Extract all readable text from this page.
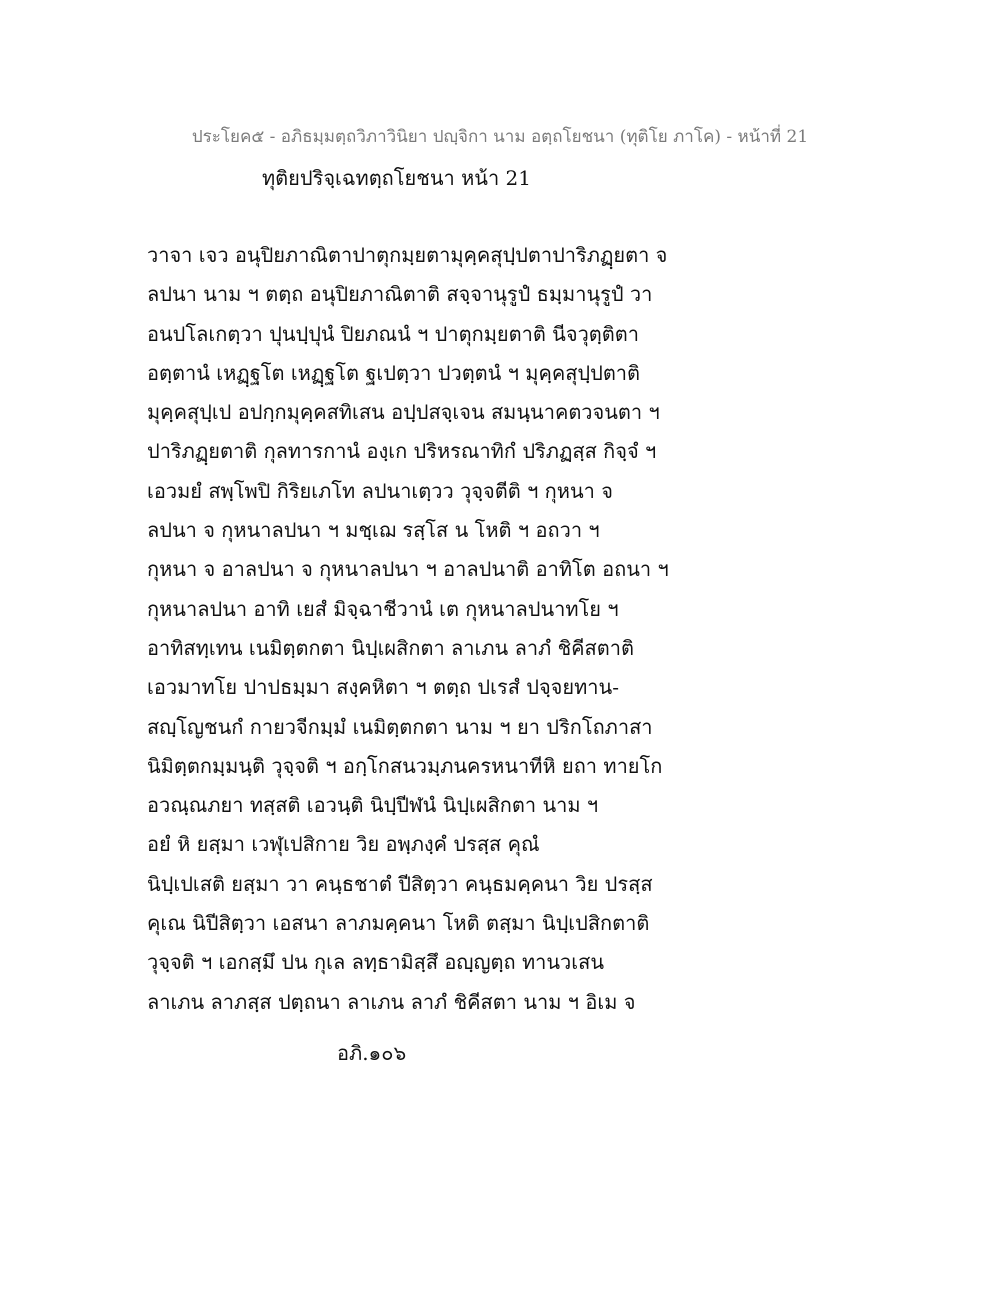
ประโยค๕ - อภิธมฺมตฺถวิภาวินิยา ปญฺจิกา นาม อตฺถโยชนา (ทุติโย ภาโค) - หน้าที่ 21
ทุติยปริจฺเฉทตฺถโยชนา หน้า 21
วาจา เจว อนุปิยภาณิตาปาตุกมฺยตามุคฺคสุปฺปตาปาริภฏฺยตา จ
ลปนา นาม ฯ ตตฺถ อนุปิยภาณิตาติ สจฺจานุรูปํ ธมฺมานุรูปํ วา
อนปโลเกตฺวา ปุนปฺปุนํ ปิยภณนํ ฯ ปาตุกมฺยตาติ นีจวุตฺติตา
อตฺตานํ เหฏฺฐโต เหฏฺฐโต ฐเปตฺวา ปวตฺตนํ ฯ มุคฺคสุปฺปตาติ
มุคฺคสุปฺเป อปกฺกมุคฺคสทิเสน อปฺปสจฺเจน สมนฺนาคตวจนตา ฯ
ปาริภฏฺยตาติ กุลทารกานํ องฺเก ปริหรณาทิกํ ปริภฏสฺส กิจฺจํ ฯ
เอวมยํ สพฺโพปิ กิริยเภโท ลปนาเตฺวว วุจฺจตีติ ฯ กุหนา จ
ลปนา จ กุหนาลปนา ฯ มชฺเฌ รสฺโส น โหติ ฯ อถวา ฯ
กุหนา จ อาลปนา จ กุหนาลปนา ฯ อาลปนาติ อาทิโต อถนา ฯ
กุหนาลปนา อาทิ เยสํ มิจฺฉาชีวานํ เต กุหนาลปนาทโย ฯ
อาทิสทฺเทน เนมิตฺตกตา นิปฺเผสิกตา ลาเภน ลาภํ ชิคีสตาติ
เอวมาทโย ปาปธมฺมา สงฺคหิตา ฯ ตตฺถ ปเรสํ ปจฺจยทาน-
สญฺโญชนกํ กายวจีกมฺมํ เนมิตฺตกตา นาม ฯ ยา ปริกโถภาสา
นิมิตฺตกมฺมนฺติ วุจฺจติ ฯ อกฺโกสนวมฺภนครหนาทีหิ ยถา ทายโก
อวณฺณภยา ทสฺสติ เอวนฺติ นิปฺปีฬนํ นิปฺเผสิกตา นาม ฯ
อยํ หิ ยสฺมา เวฬุเปสิกาย วิย อพฺภงฺคํ ปรสฺส คุณํ
นิปฺเปเสติ ยสฺมา วา คนฺธชาตํ ปีสิตฺวา คนฺธมคฺคนา วิย ปรสฺส
คุเณ นิปีสิตฺวา เอสนา ลาภมคฺคนา โหติ ตสฺมา นิปฺเปสิกตาติ
วุจฺจติ ฯ เอกสฺมึ ปน กุเล ลทฺธามิสฺสึ อญฺญตฺถ ทานวเสน
ลาเภน ลาภสฺส ปตฺถนา ลาเภน ลาภํ ชิคีสตา นาม ฯ อิเม จ
อภิ.๑๐๖
